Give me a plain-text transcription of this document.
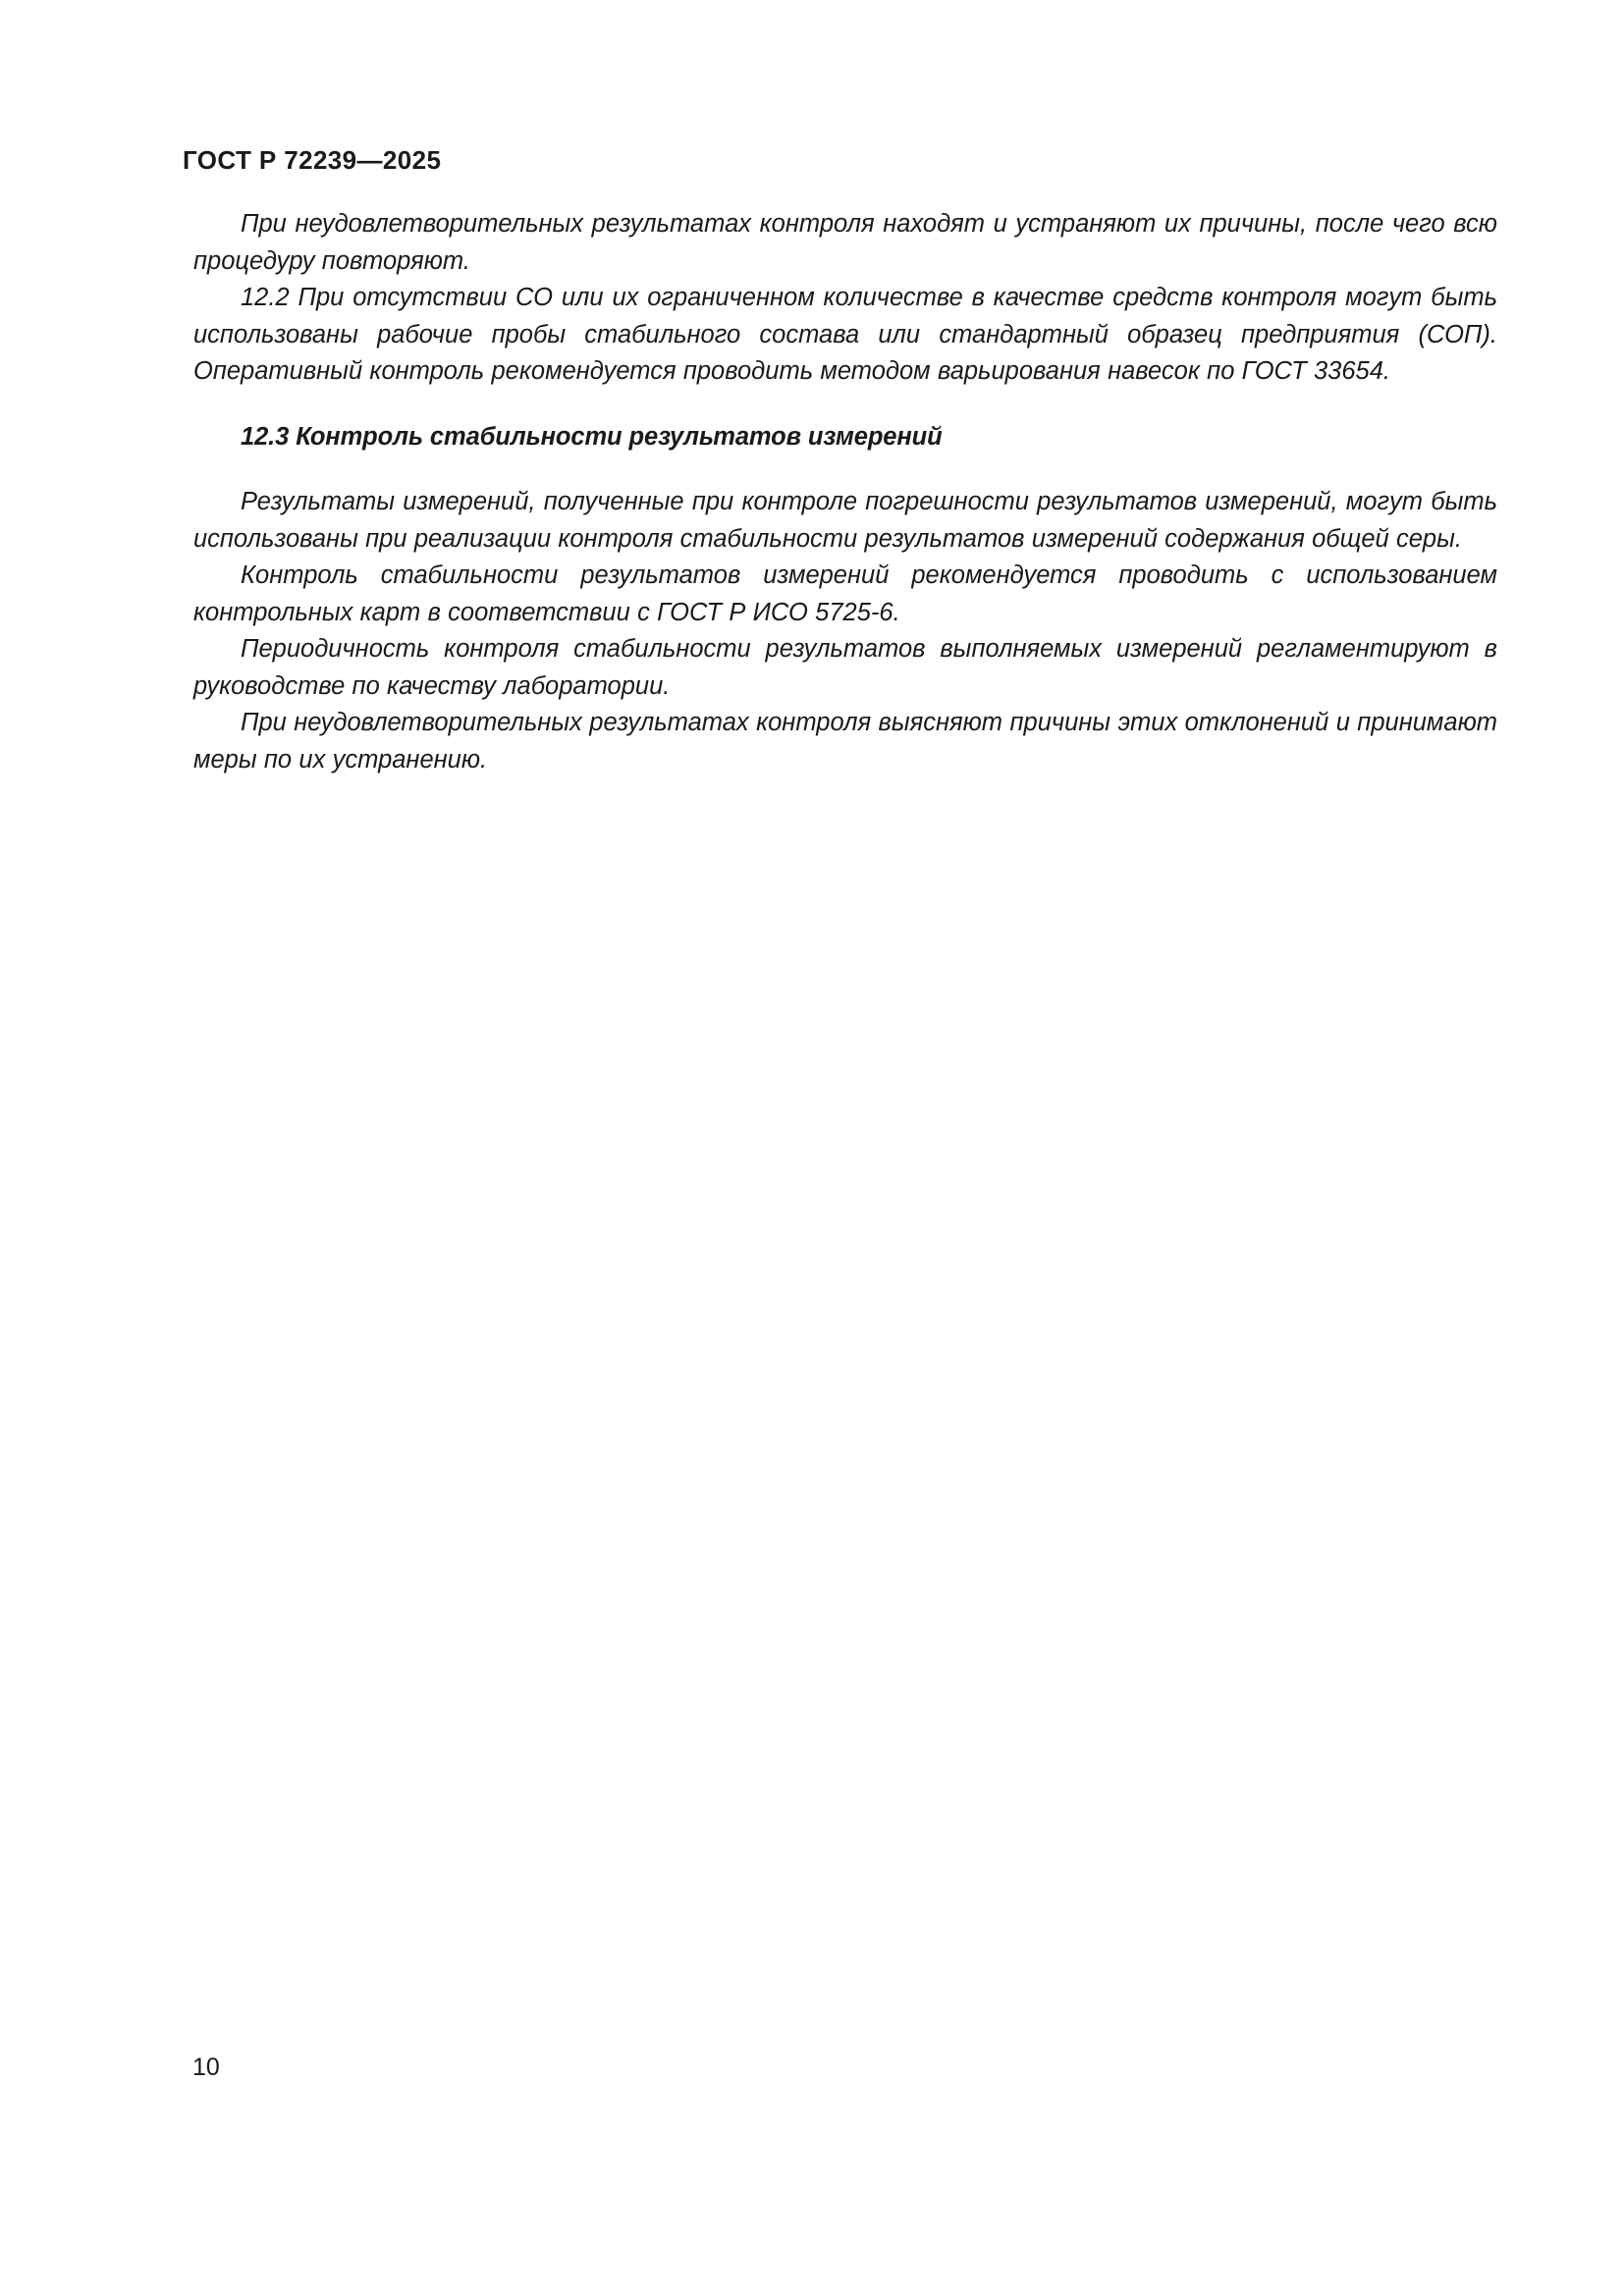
ГОСТ Р 72239—2025

При неудовлетворительных результатах контроля находят и устраняют их причины, после чего всю процедуру повторяют.

12.2 При отсутствии СО или их ограниченном количестве в качестве средств контроля могут быть использованы рабочие пробы стабильного состава или стандартный образец предприятия (СОП). Оперативный контроль рекомендуется проводить методом варьирования навесок по ГОСТ 33654.

12.3 Контроль стабильности результатов измерений

Результаты измерений, полученные при контроле погрешности результатов измерений, могут быть использованы при реализации контроля стабильности результатов измерений содержания общей серы.

Контроль стабильности результатов измерений рекомендуется проводить с использованием контрольных карт в соответствии с ГОСТ Р ИСО 5725-6.

Периодичность контроля стабильности результатов выполняемых измерений регламентируют в руководстве по качеству лаборатории.

При неудовлетворительных результатах контроля выясняют причины этих отклонений и принимают меры по их устранению.

10
